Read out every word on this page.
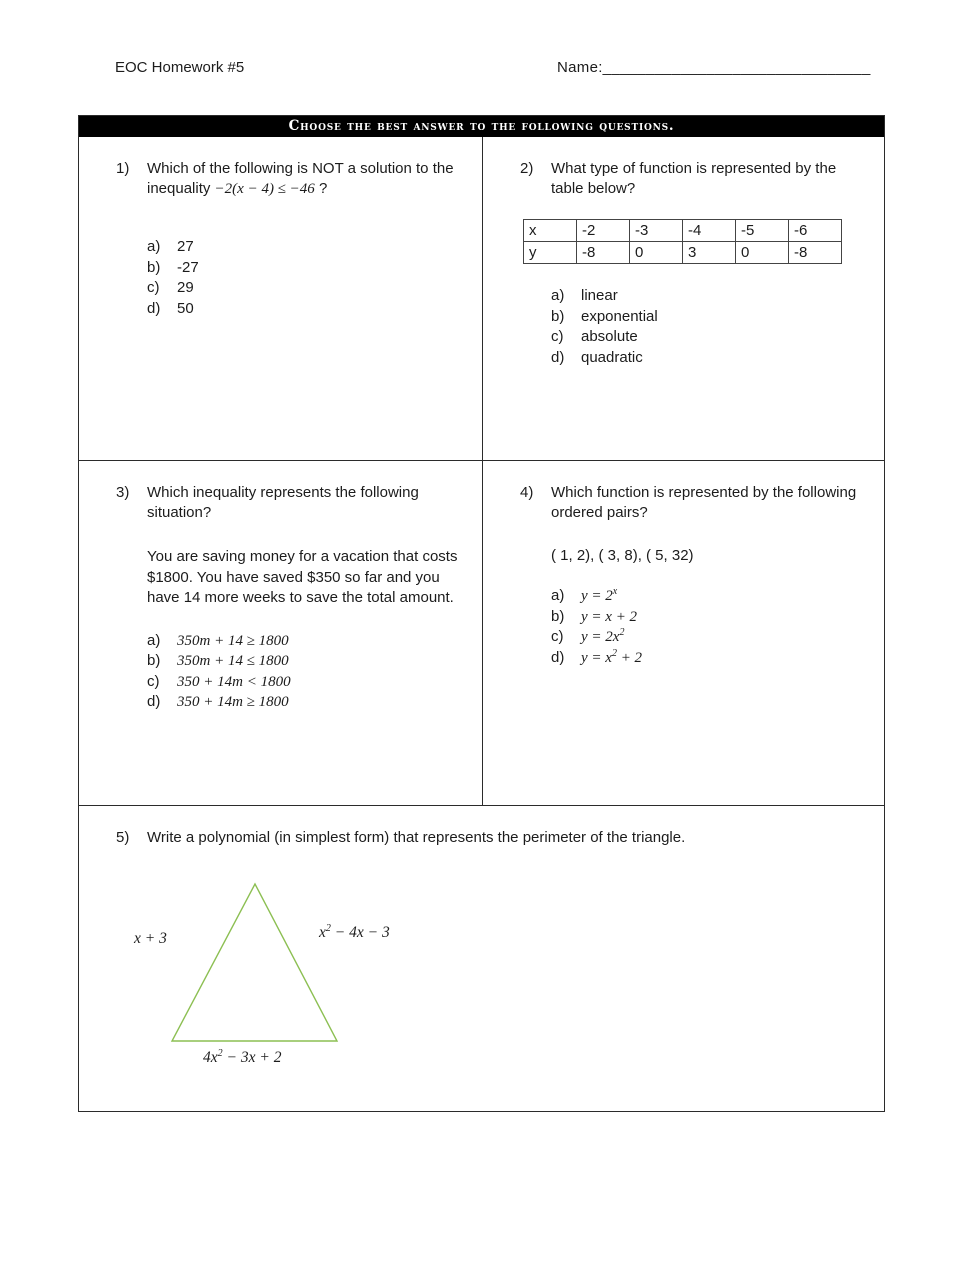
EOC Homework #5	Name:_______________________________
Choose the best answer to the following questions.
1)	Which of the following is NOT a solution to the inequality −2(x − 4) ≤ −46 ?
a)	27
b)	-27
c)	29
d)	50
2)	What type of function is represented by the table below?
x	-2	-3	-4	-5	-6
y	-8	0	3	0	-8
a)	linear
b)	exponential
c)	absolute
d)	quadratic
3)	Which inequality represents the following situation?
You are saving money for a vacation that costs $1800. You have saved $350 so far and you have 14 more weeks to save the total amount.
a)	350m + 14 ≥ 1800
b)	350m + 14 ≤ 1800
c)	350 + 14m < 1800
d)	350 + 14m ≥ 1800
4)	Which function is represented by the following ordered pairs?
( 1, 2), ( 3, 8), ( 5, 32)
a)	$y = 2^x$
b)	y = x + 2
c)	$y = 2x^2$
d)	$y = x^2 + 2$
5)	Write a polynomial (in simplest form) that represents the perimeter of the triangle.
x + 3	$x^2 - 4x - 3$
$4x^2 - 3x + 2$
